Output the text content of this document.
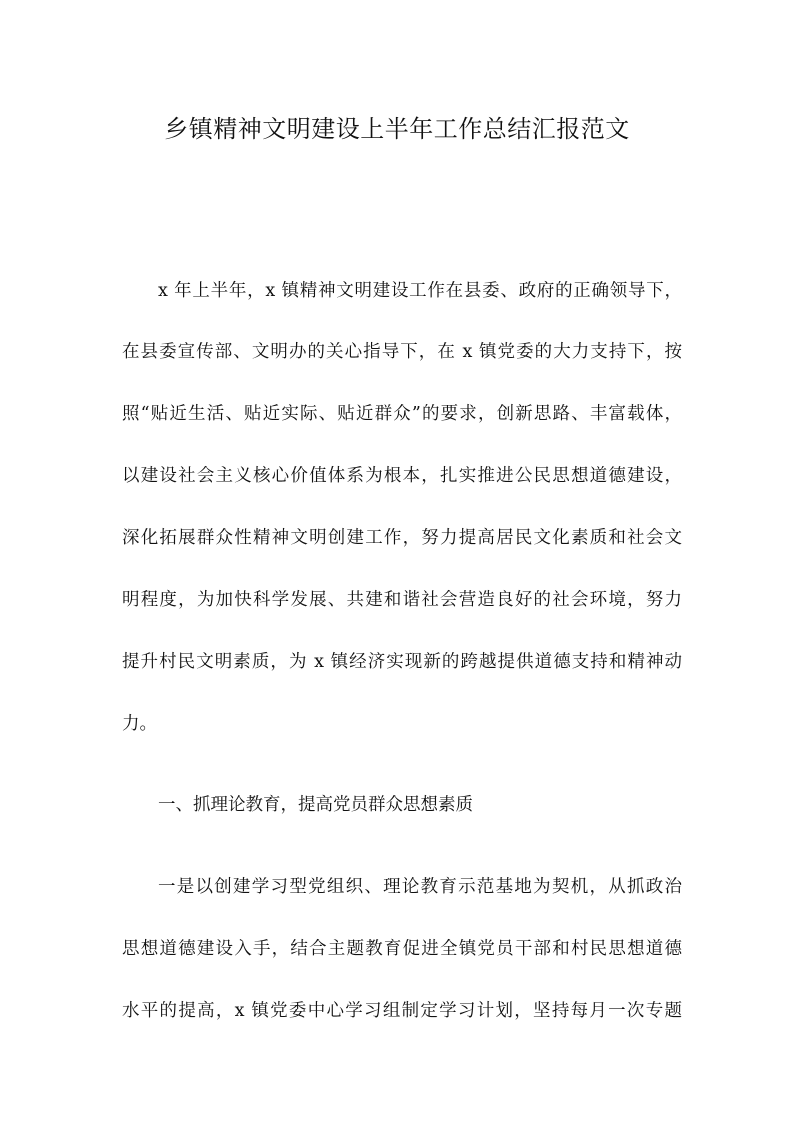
乡镇精神文明建设上半年工作总结汇报范文
x 年上半年，x 镇精神文明建设工作在县委、政府的正确领导下，
在县委宣传部、文明办的关心指导下，在 x 镇党委的大力支持下，按
照“贴近生活、贴近实际、贴近群众”的要求，创新思路、丰富载体，
以建设社会主义核心价值体系为根本，扎实推进公民思想道德建设，
深化拓展群众性精神文明创建工作，努力提高居民文化素质和社会文
明程度，为加快科学发展、共建和谐社会营造良好的社会环境，努力
提升村民文明素质，为 x 镇经济实现新的跨越提供道德支持和精神动
力。
一、抓理论教育，提高党员群众思想素质
一是以创建学习型党组织、理论教育示范基地为契机，从抓政治
思想道德建设入手，结合主题教育促进全镇党员干部和村民思想道德
水平的提高，x 镇党委中心学习组制定学习计划，坚持每月一次专题
